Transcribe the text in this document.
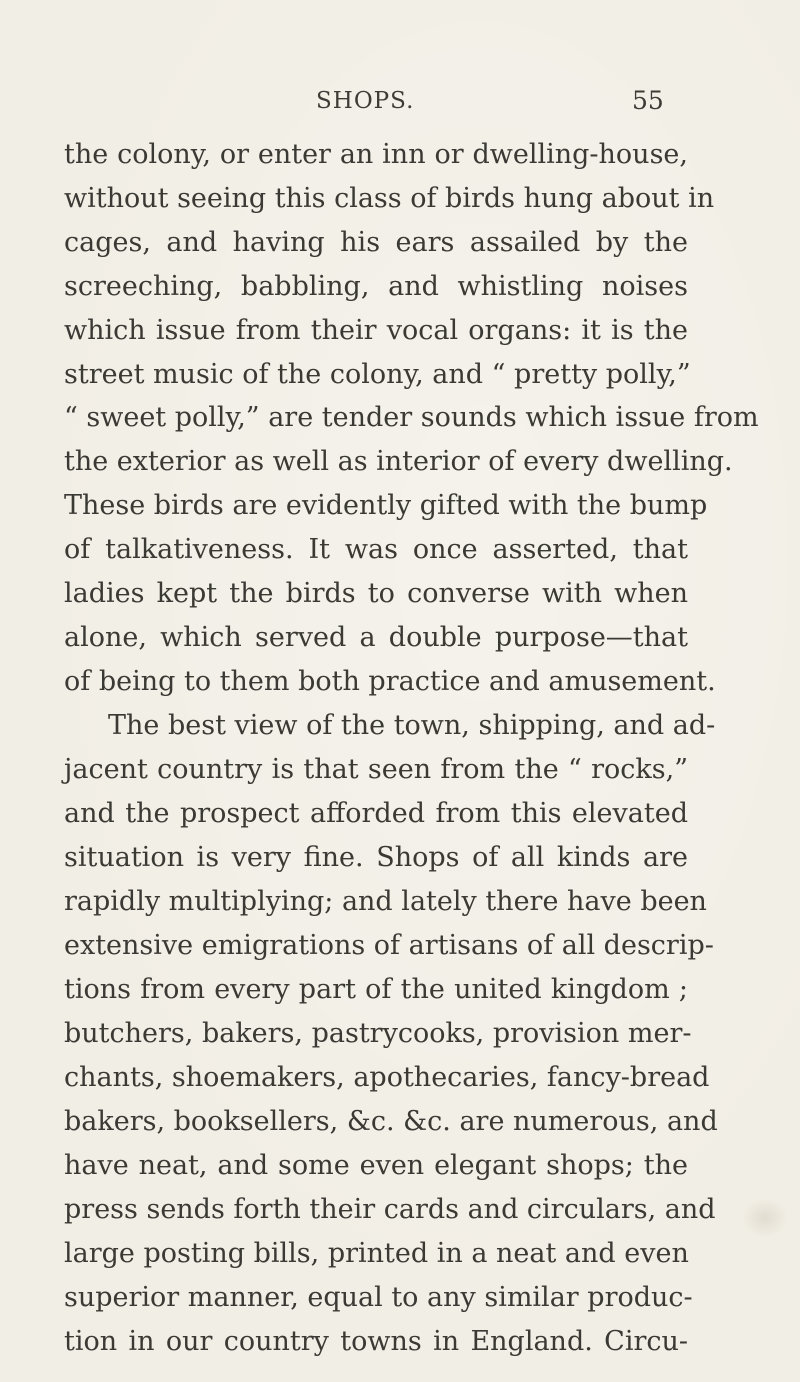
SHOPS.	55
the colony, or enter an inn or dwelling-house,
without seeing this class of birds hung about in
cages, and having his ears assailed by the
screeching, babbling, and whistling noises
which issue from their vocal organs: it is the
street music of the colony, and “ pretty polly,”
“ sweet polly,” are tender sounds which issue from
the exterior as well as interior of every dwelling.
These birds are evidently gifted with the bump
of talkativeness. It was once asserted, that
ladies kept the birds to converse with when
alone, which served a double purpose—that
of being to them both practice and amusement.
The best view of the town, shipping, and ad-
jacent country is that seen from the “ rocks,”
and the prospect afforded from this elevated
situation is very fine. Shops of all kinds are
rapidly multiplying; and lately there have been
extensive emigrations of artisans of all descrip-
tions from every part of the united kingdom ;
butchers, bakers, pastrycooks, provision mer-
chants, shoemakers, apothecaries, fancy-bread
bakers, booksellers, &c. &c. are numerous, and
have neat, and some even elegant shops; the
press sends forth their cards and circulars, and
large posting bills, printed in a neat and even
superior manner, equal to any similar produc-
tion in our country towns in England. Circu-
